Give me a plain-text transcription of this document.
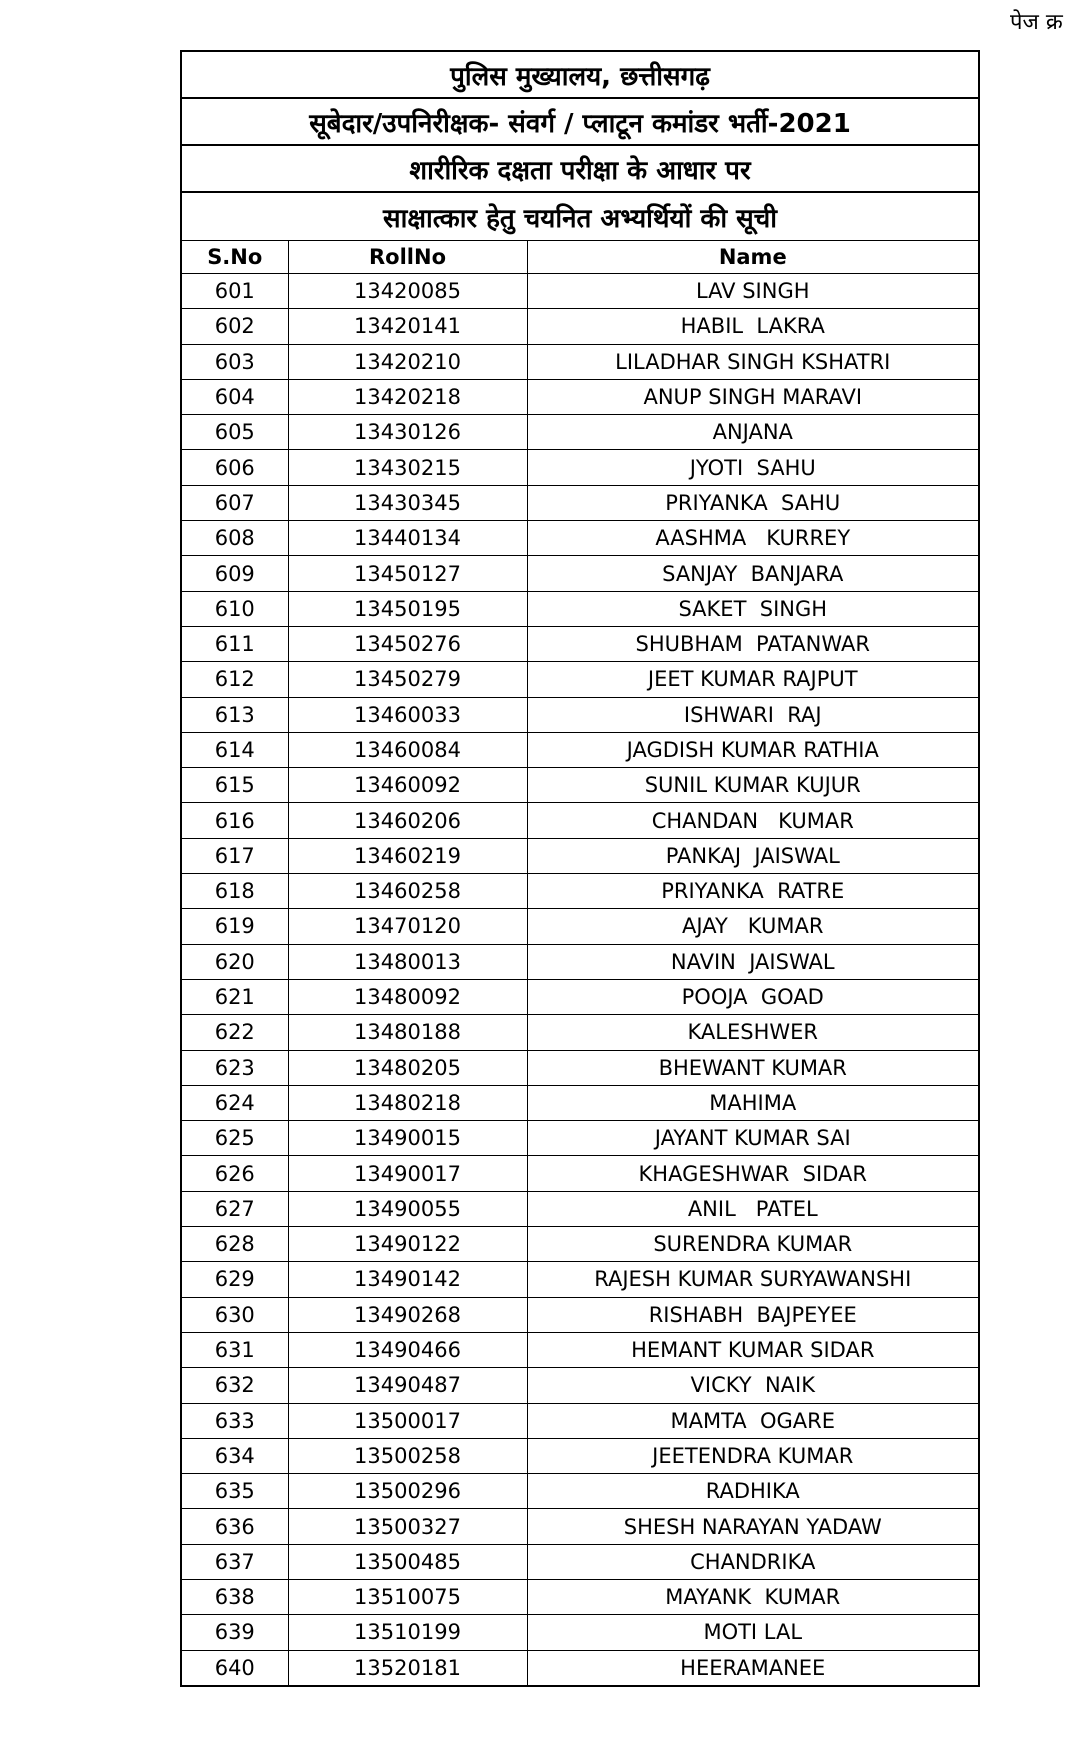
पेज क्र
पुलिस मुख्यालय, छत्तीसगढ़
सूबेदार/उपनिरीक्षक- संवर्ग / प्लाटून कमांडर भर्ती-2021
शारीरिक दक्षता परीक्षा के आधार पर
साक्षात्कार हेतु चयनित अभ्यर्थियों की सूची
S.No	RollNo	Name
601	13420085	LAV SINGH
602	13420141	HABIL  LAKRA
603	13420210	LILADHAR SINGH KSHATRI
604	13420218	ANUP SINGH MARAVI
605	13430126	ANJANA
606	13430215	JYOTI  SAHU
607	13430345	PRIYANKA  SAHU
608	13440134	AASHMA   KURREY
609	13450127	SANJAY  BANJARA
610	13450195	SAKET  SINGH
611	13450276	SHUBHAM  PATANWAR
612	13450279	JEET KUMAR RAJPUT
613	13460033	ISHWARI  RAJ
614	13460084	JAGDISH KUMAR RATHIA
615	13460092	SUNIL KUMAR KUJUR
616	13460206	CHANDAN   KUMAR
617	13460219	PANKAJ  JAISWAL
618	13460258	PRIYANKA  RATRE
619	13470120	AJAY   KUMAR
620	13480013	NAVIN  JAISWAL
621	13480092	POOJA  GOAD
622	13480188	KALESHWER
623	13480205	BHEWANT KUMAR
624	13480218	MAHIMA
625	13490015	JAYANT KUMAR SAI
626	13490017	KHAGESHWAR  SIDAR
627	13490055	ANIL   PATEL
628	13490122	SURENDRA KUMAR
629	13490142	RAJESH KUMAR SURYAWANSHI
630	13490268	RISHABH  BAJPEYEE
631	13490466	HEMANT KUMAR SIDAR
632	13490487	VICKY  NAIK
633	13500017	MAMTA  OGARE
634	13500258	JEETENDRA KUMAR
635	13500296	RADHIKA
636	13500327	SHESH NARAYAN YADAW
637	13500485	CHANDRIKA
638	13510075	MAYANK  KUMAR
639	13510199	MOTI LAL
640	13520181	HEERAMANEE
